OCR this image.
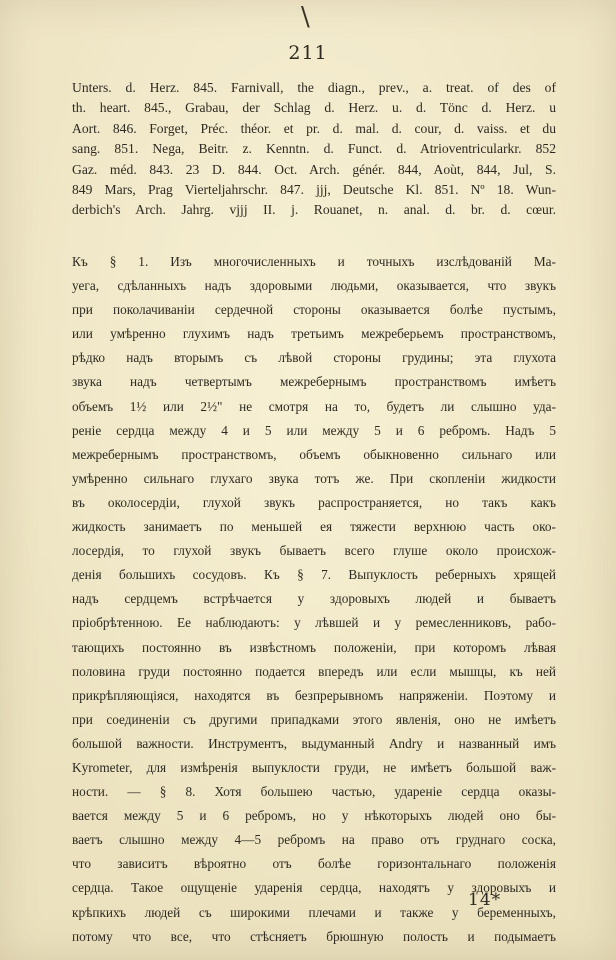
\
211
Unters. d. Herz. 845. Farnivall, the diagn., prev., a. treat. of des of
th. heart. 845., Grabau, der Schlag d. Herz. u. d. Tönc d. Herz. u
Aort. 846. Forget, Préc. théor. et pr. d. mal. d. cour, d. vaiss. et du
sang. 851. Nega, Beitr. z. Kenntn. d. Funct. d. Atrioventricularkr. 852
Gaz. méd. 843. 23 D. 844. Oct. Arch. génér. 844, Aoùt, 844, Jul, S.
849 Mars, Prag Vierteljahrschr. 847. jjj, Deutsche Kl. 851. Nº 18. Wun-
derbich's Arch. Jahrg. vjjj II. j. Rouanet, n. anal. d. br. d. cœur.
Къ § 1. Изъ многочисленныхъ и точныхъ изслѣдованій Ма-
уега, сдѣланныхъ надъ здоровыми людьми, оказывается, что звукъ
при поколачиваніи сердечной стороны оказывается болѣе пустымъ,
или умѣренно глухимъ надъ третьимъ межреберьемъ пространствомъ,
рѣдко надъ вторымъ съ лѣвой стороны грудины; эта глухота
звука надъ четвертымъ межребернымъ пространствомъ имѣетъ
объемъ 1½ или 2½" не смотря на то, будетъ ли слышно уда-
реніе сердца между 4 и 5 или между 5 и 6 ребромъ. Надъ 5
межребернымъ пространствомъ, объемъ обыкновенно сильнаго или
умѣренно сильнаго глухаго звука тотъ же. При скопленіи жидкости
въ околосердіи, глухой звукъ распространяется, но такъ какъ
жидкость занимаетъ по меньшей ея тяжести верхнюю часть око-
лосердія, то глухой звукъ бываетъ всего глуше около происхож-
денія большихъ сосудовъ. Къ § 7. Выпуклость реберныхъ хрящей
надъ сердцемъ встрѣчается у здоровыхъ людей и бываетъ
пріобрѣтенною. Ее наблюдаютъ: у лѣвшей и у ремесленниковъ, рабо-
тающихъ постоянно въ извѣстномъ положеніи, при которомъ лѣвая
половина груди постоянно подается впередъ или если мышцы, къ ней
прикрѣпляющіяся, находятся въ безпрерывномъ напряженіи. Поэтому и
при соединеніи съ другими припадками этого явленія, оно не имѣетъ
большой важности. Инструментъ, выдуманный Andry и названный имъ
Kyrometer, для измѣренія выпуклости груди, не имѣетъ большой важ-
ности. — § 8. Хотя большею частью, удареніе сердца оказы-
вается между 5 и 6 ребромъ, но у нѣкоторыхъ людей оно бы-
ваетъ слышно между 4—5 ребромъ на право отъ груднаго соска,
что зависитъ вѣроятно отъ болѣе горизонтальнаго положенія
сердца. Такое ощущеніе ударенія сердца, находятъ у здоровыхъ и
крѣпкихъ людей съ широкими плечами и также у беременныхъ,
потому что все, что стѣсняетъ брюшную полость и подымаетъ
14*
